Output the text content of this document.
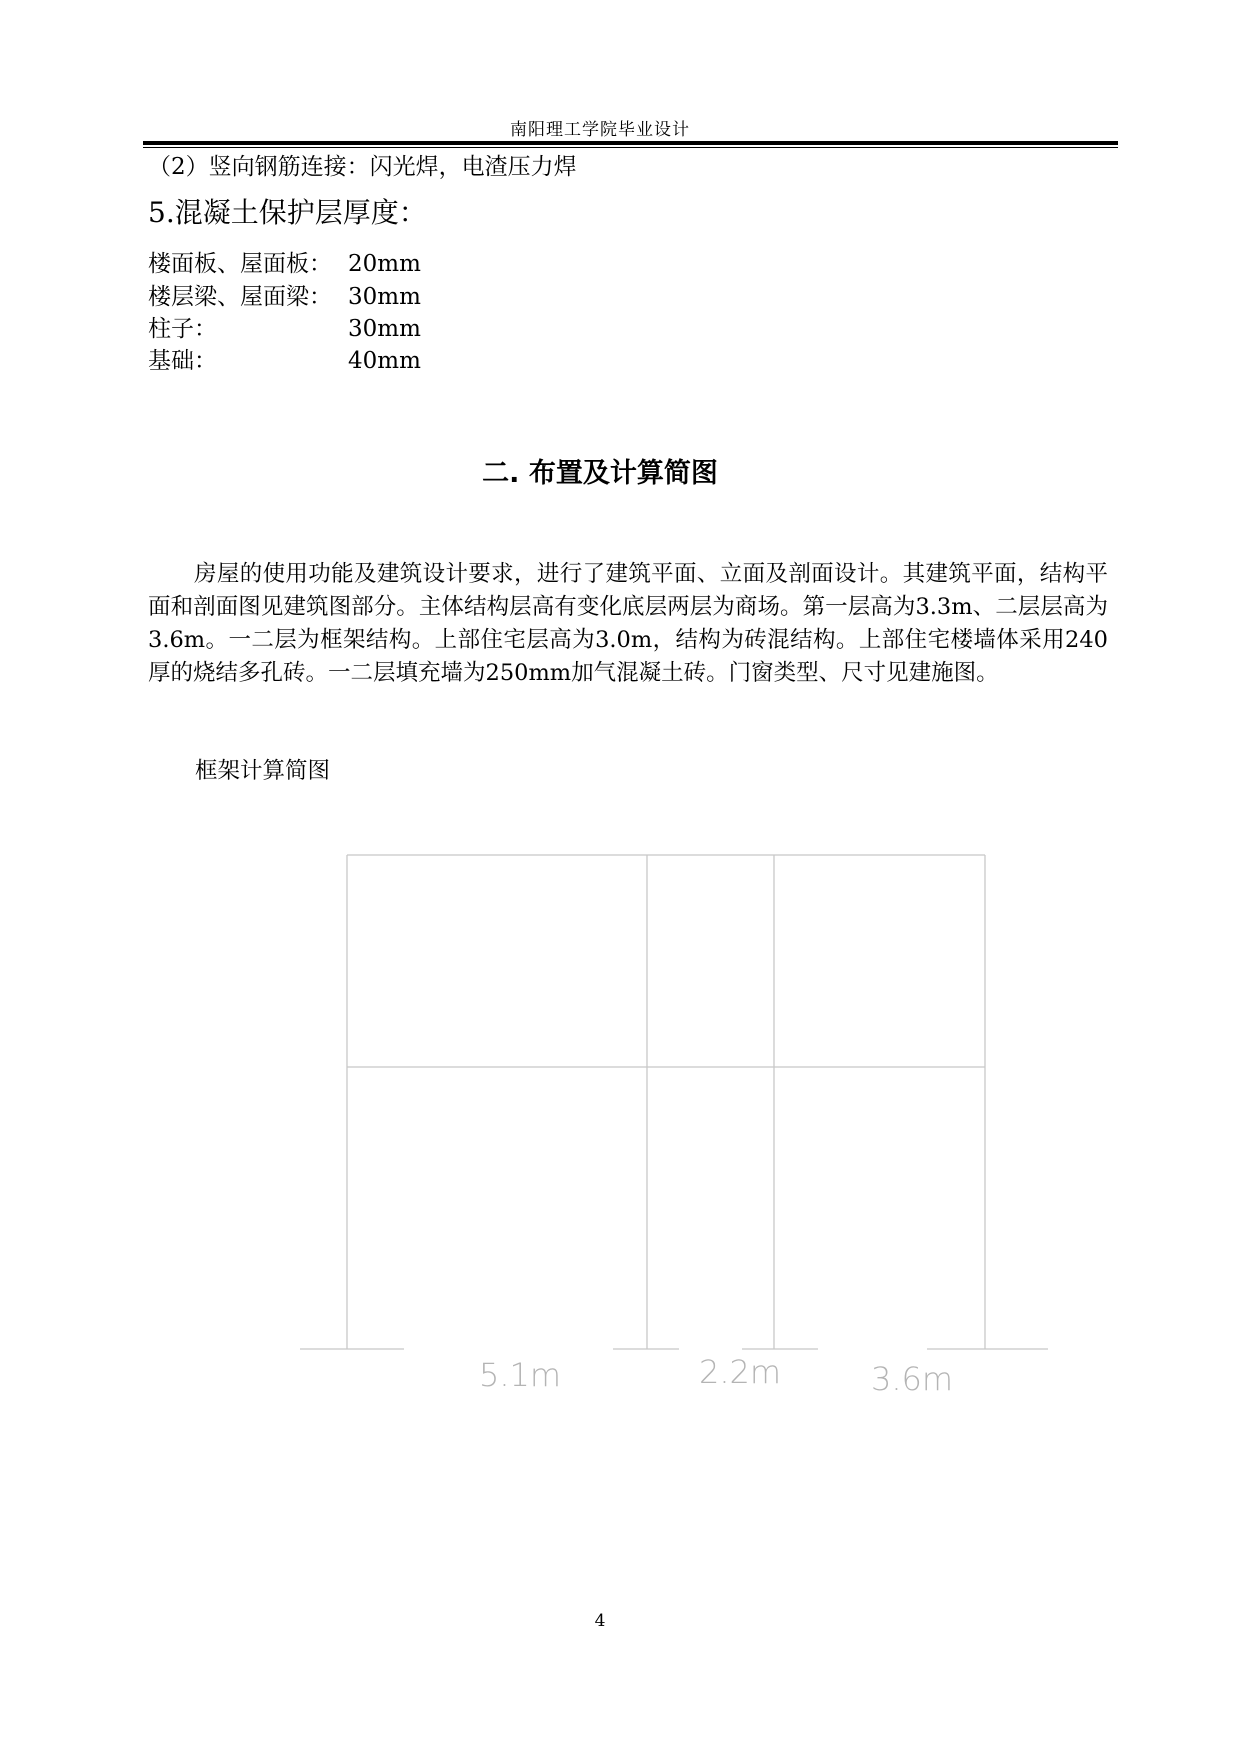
南阳理工学院毕业设计
（2）竖向钢筋连接：闪光焊，电渣压力焊
5.混凝土保护层厚度：
楼面板、屋面板： 20mm
楼层梁、屋面梁： 30mm
柱子：	30mm
基础：	40mm
二. 布置及计算简图
房屋的使用功能及建筑设计要求，进行了建筑平面、立面及剖面设计。其建筑平面，结构平面和剖面图见建筑图部分。主体结构层高有变化底层两层为商场。第一层高为3.3m、二层层高为3.6m。一二层为框架结构。上部住宅层高为3.0m，结构为砖混结构。上部住宅楼墙体采用240厚的烧结多孔砖。一二层填充墙为250mm加气混凝土砖。门窗类型、尺寸见建施图。
框架计算简图
5.1m	2.2m	3.6m
4
